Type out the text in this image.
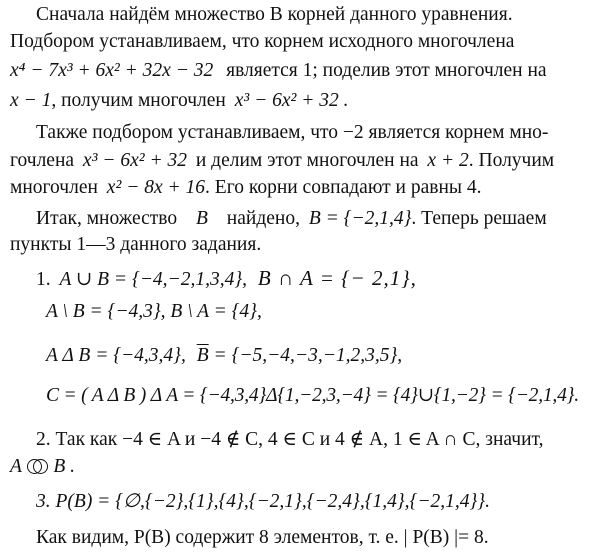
Сначала найдём множество B корней данного уравнения.
Подбором устанавливаем, что корнем исходного многочлена
x⁴ − 7x³ + 6x² + 32x − 32 является 1; поделив этот многочлен на
x − 1, получим многочлен x³ − 6x² + 32 .
Также подбором устанавливаем, что −2 является корнем мно-
гочлена x³ − 6x² + 32 и делим этот многочлен на x + 2. Получим
многочлен x² − 8x + 16. Его корни совпадают и равны 4.
Итак, множество B найдено, B = {−2,1,4}. Теперь решаем
пункты 1—3 данного задания.
1. A ∪ B = {−4,−2,1,3,4}, B ∩ A = {− 2,1},
A \ B = {−4,3}, B \ A = {4},
A Δ B = {−4,3,4}, $\overline{B} = \{-5,-4,-3,-1,2,3,5\}$,
C = ( A Δ B ) Δ A = {−4,3,4}Δ{1,−2,3,−4} = {4}∪{1,−2} = {−2,1,4}.
2. Так как −4 ∈ A и −4 ∉ C, 4 ∈ C и 4 ∉ A, 1 ∈ A ∩ C, значит,
A B .
3. P(B) = {∅,{−2},{1},{4},{−2,1},{−2,4},{1,4},{−2,1,4}}.
Как видим, P(B) содержит 8 элементов, т. е. | P(B) |= 8.
